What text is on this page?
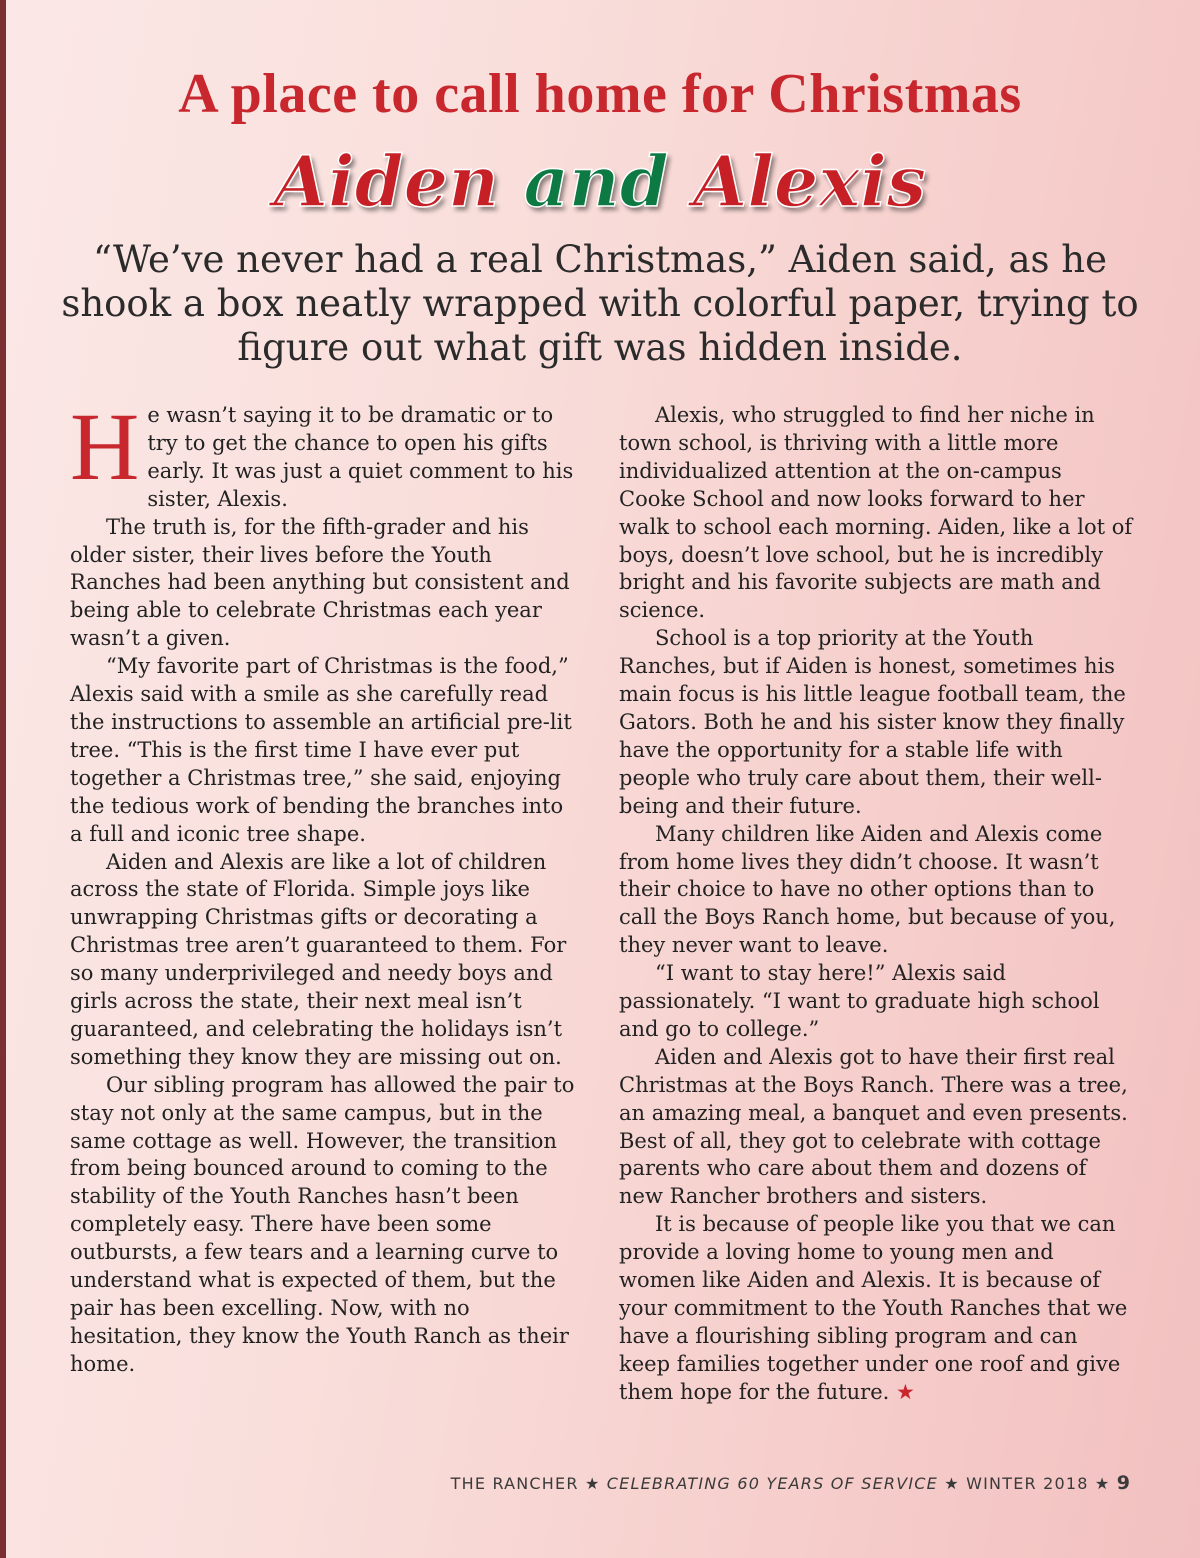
A place to call home for Christmas
Aiden and Alexis

“We’ve never had a real Christmas,” Aiden said, as he shook a box neatly wrapped with colorful paper, trying to figure out what gift was hidden inside.

He wasn’t saying it to be dramatic or to try to get the chance to open his gifts early. It was just a quiet comment to his sister, Alexis.

The truth is, for the fifth-grader and his older sister, their lives before the Youth Ranches had been anything but consistent and being able to celebrate Christmas each year wasn’t a given.

“My favorite part of Christmas is the food,” Alexis said with a smile as she carefully read the instructions to assemble an artificial pre-lit tree. “This is the first time I have ever put together a Christmas tree,” she said, enjoying the tedious work of bending the branches into a full and iconic tree shape.

Aiden and Alexis are like a lot of children across the state of Florida. Simple joys like unwrapping Christmas gifts or decorating a Christmas tree aren’t guaranteed to them. For so many underprivileged and needy boys and girls across the state, their next meal isn’t guaranteed, and celebrating the holidays isn’t something they know they are missing out on.

Our sibling program has allowed the pair to stay not only at the same campus, but in the same cottage as well. However, the transition from being bounced around to coming to the stability of the Youth Ranches hasn’t been completely easy. There have been some outbursts, a few tears and a learning curve to understand what is expected of them, but the pair has been excelling. Now, with no hesitation, they know the Youth Ranch as their home.

Alexis, who struggled to find her niche in town school, is thriving with a little more individualized attention at the on-campus Cooke School and now looks forward to her walk to school each morning. Aiden, like a lot of boys, doesn’t love school, but he is incredibly bright and his favorite subjects are math and science.

School is a top priority at the Youth Ranches, but if Aiden is honest, sometimes his main focus is his little league football team, the Gators. Both he and his sister know they finally have the opportunity for a stable life with people who truly care about them, their well-being and their future.

Many children like Aiden and Alexis come from home lives they didn’t choose. It wasn’t their choice to have no other options than to call the Boys Ranch home, but because of you, they never want to leave.

“I want to stay here!” Alexis said passionately. “I want to graduate high school and go to college.”

Aiden and Alexis got to have their first real Christmas at the Boys Ranch. There was a tree, an amazing meal, a banquet and even presents. Best of all, they got to celebrate with cottage parents who care about them and dozens of new Rancher brothers and sisters.

It is because of people like you that we can provide a loving home to young men and women like Aiden and Alexis. It is because of your commitment to the Youth Ranches that we have a flourishing sibling program and can keep families together under one roof and give them hope for the future. ★

THE RANCHER ★ CELEBRATING 60 YEARS OF SERVICE ★ WINTER 2018 ★ 9
